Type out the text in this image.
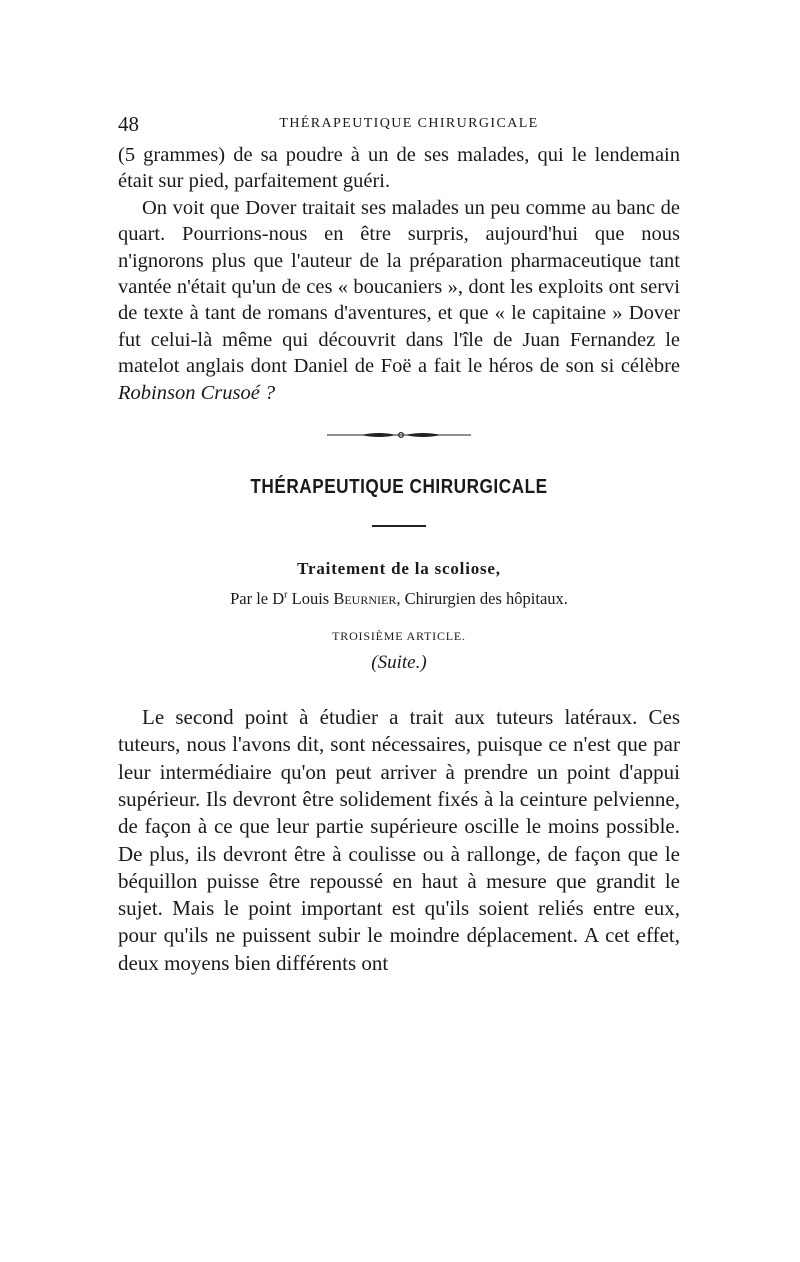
48	THÉRAPEUTIQUE CHIRURGICALE

(5 grammes) de sa poudre à un de ses malades, qui le lendemain était sur pied, parfaitement guéri.

On voit que Dover traitait ses malades un peu comme au banc de quart. Pourrions-nous en être surpris, aujourd'hui que nous n'ignorons plus que l'auteur de la préparation pharmaceutique tant vantée n'était qu'un de ces « boucaniers », dont les exploits ont servi de texte à tant de romans d'aventures, et que « le capitaine » Dover fut celui-là même qui découvrit dans l'île de Juan Fernandez le matelot anglais dont Daniel de Foë a fait le héros de son si célèbre Robinson Crusoé ?

THÉRAPEUTIQUE CHIRURGICALE
Traitement de la scoliose,
Par le $D^r$ Louis Beurnier, Chirurgien des hôpitaux.
TROISIÈME ARTICLE.
(Suite.)

Le second point à étudier a trait aux tuteurs latéraux. Ces tuteurs, nous l'avons dit, sont nécessaires, puisque ce n'est que par leur intermédiaire qu'on peut arriver à prendre un point d'appui supérieur. Ils devront être solidement fixés à la ceinture pelvienne, de façon à ce que leur partie supérieure oscille le moins possible. De plus, ils devront être à coulisse ou à rallonge, de façon que le béquillon puisse être repoussé en haut à mesure que grandit le sujet. Mais le point important est qu'ils soient reliés entre eux, pour qu'ils ne puissent subir le moindre déplacement. A cet effet, deux moyens bien différents ont
